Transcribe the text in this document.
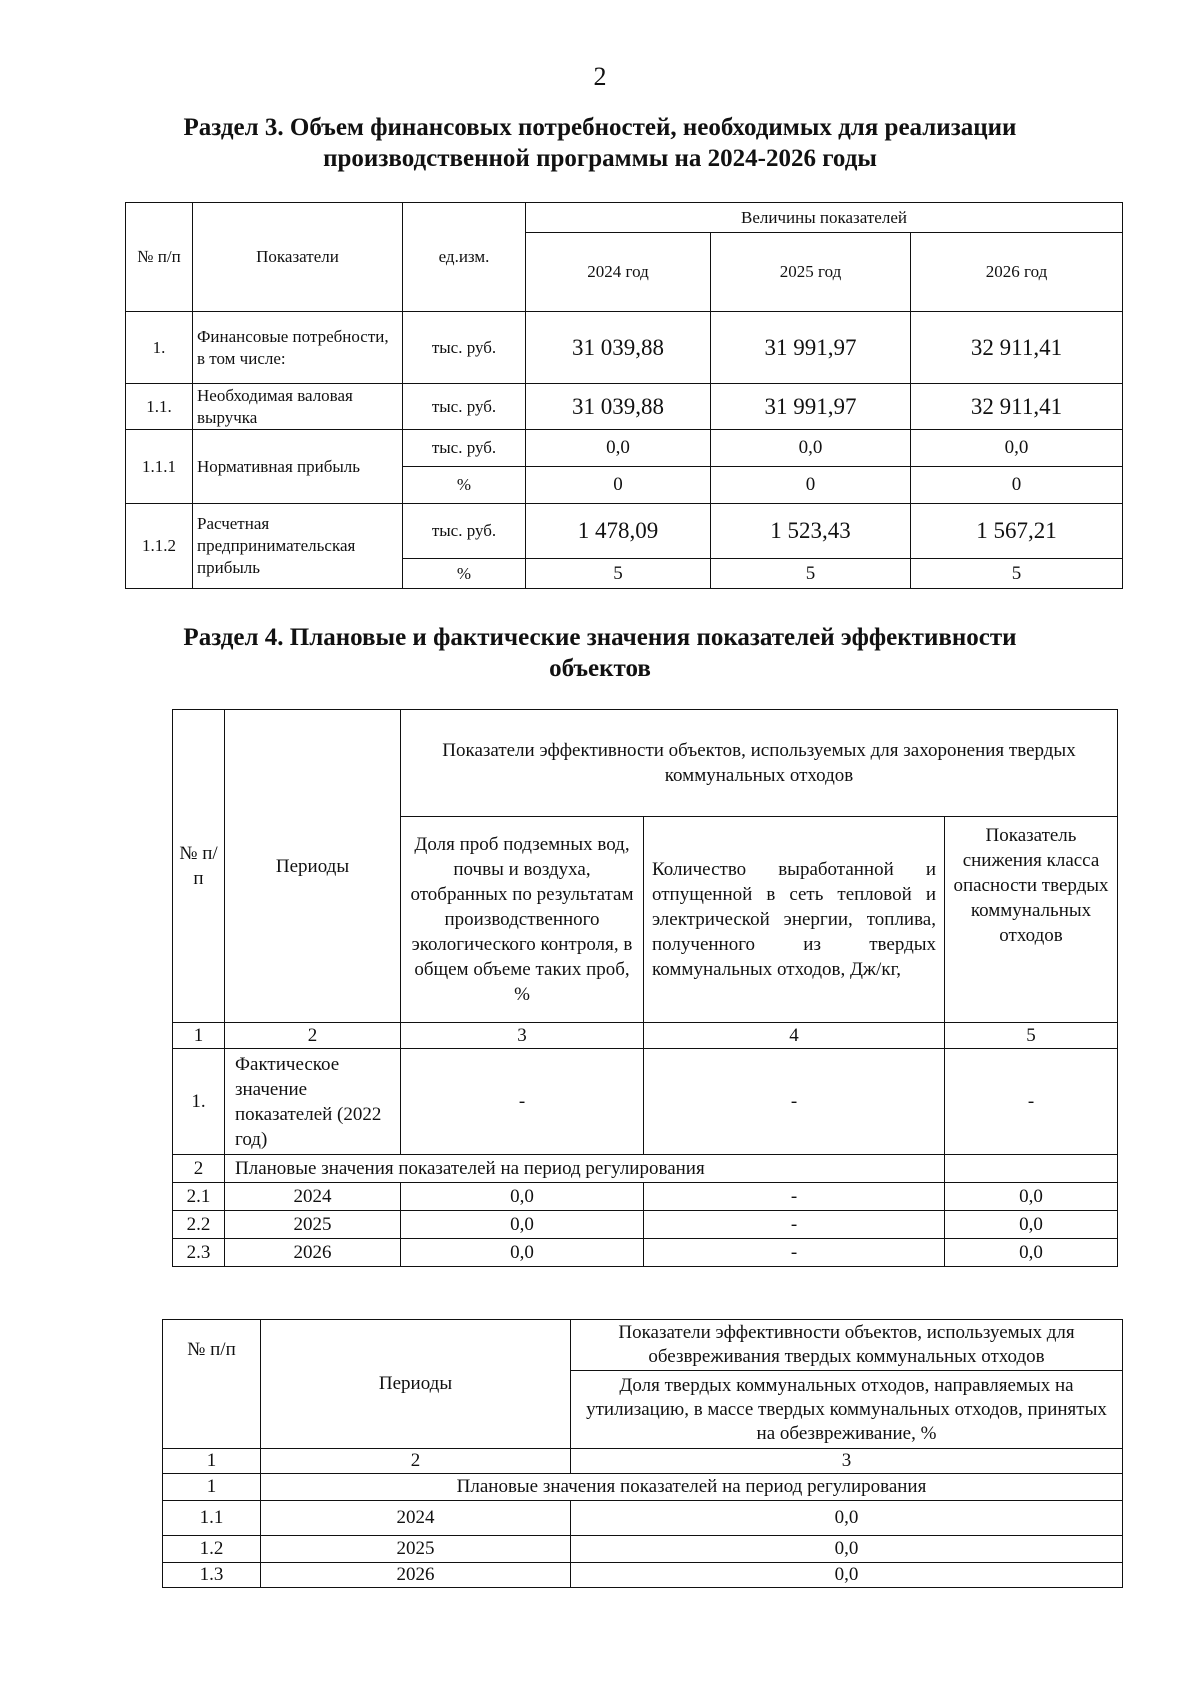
2
Раздел 3. Объем финансовых потребностей, необходимых для реализации
производственной программы на 2024-2026 годы
№ п/п	Показатели	ед.изм.	Величины показателей		
			2024 год	2025 год	2026 год
1.	Финансовые потребности, в том числе:	тыс. руб.	31 039,88	31 991,97	32 911,41
1.1.	Необходимая валовая выручка	тыс. руб.	31 039,88	31 991,97	32 911,41
1.1.1	Нормативная прибыль	тыс. руб.	0,0	0,0	0,0
		%	0	0	0
1.1.2	Расчетная предпринимательская прибыль	тыс. руб.	1 478,09	1 523,43	1 567,21
		%	5	5	5
Раздел 4. Плановые и фактические значения показателей эффективности
объектов
№ п/п	Периоды	Показатели эффективности объектов, используемых для захоронения твердых коммунальных отходов		
		Доля проб подземных вод, почвы и воздуха, отобранных по результатам производственного экологического контроля, в общем объеме таких проб, %	Количество выработанной и отпущенной в сеть тепловой и электрической энергии, топлива, полученного из твердых коммунальных отходов, Дж/кг,	Показатель снижения класса опасности твердых коммунальных отходов
1	2	3	4	5
1.	Фактическое значение показателей (2022 год)	-	-	-
2	Плановые значения показателей на период регулирования			
2.1	2024	0,0	-	0,0
2.2	2025	0,0	-	0,0
2.3	2026	0,0	-	0,0
№ п/п	Периоды	Показатели эффективности объектов, используемых для обезвреживания твердых коммунальных отходов
		Доля твердых коммунальных отходов, направляемых на утилизацию, в массе твердых коммунальных отходов, принятых на обезвреживание, %
1	2	3
1	Плановые значения показателей на период регулирования	
1.1	2024	0,0
1.2	2025	0,0
1.3	2026	0,0
